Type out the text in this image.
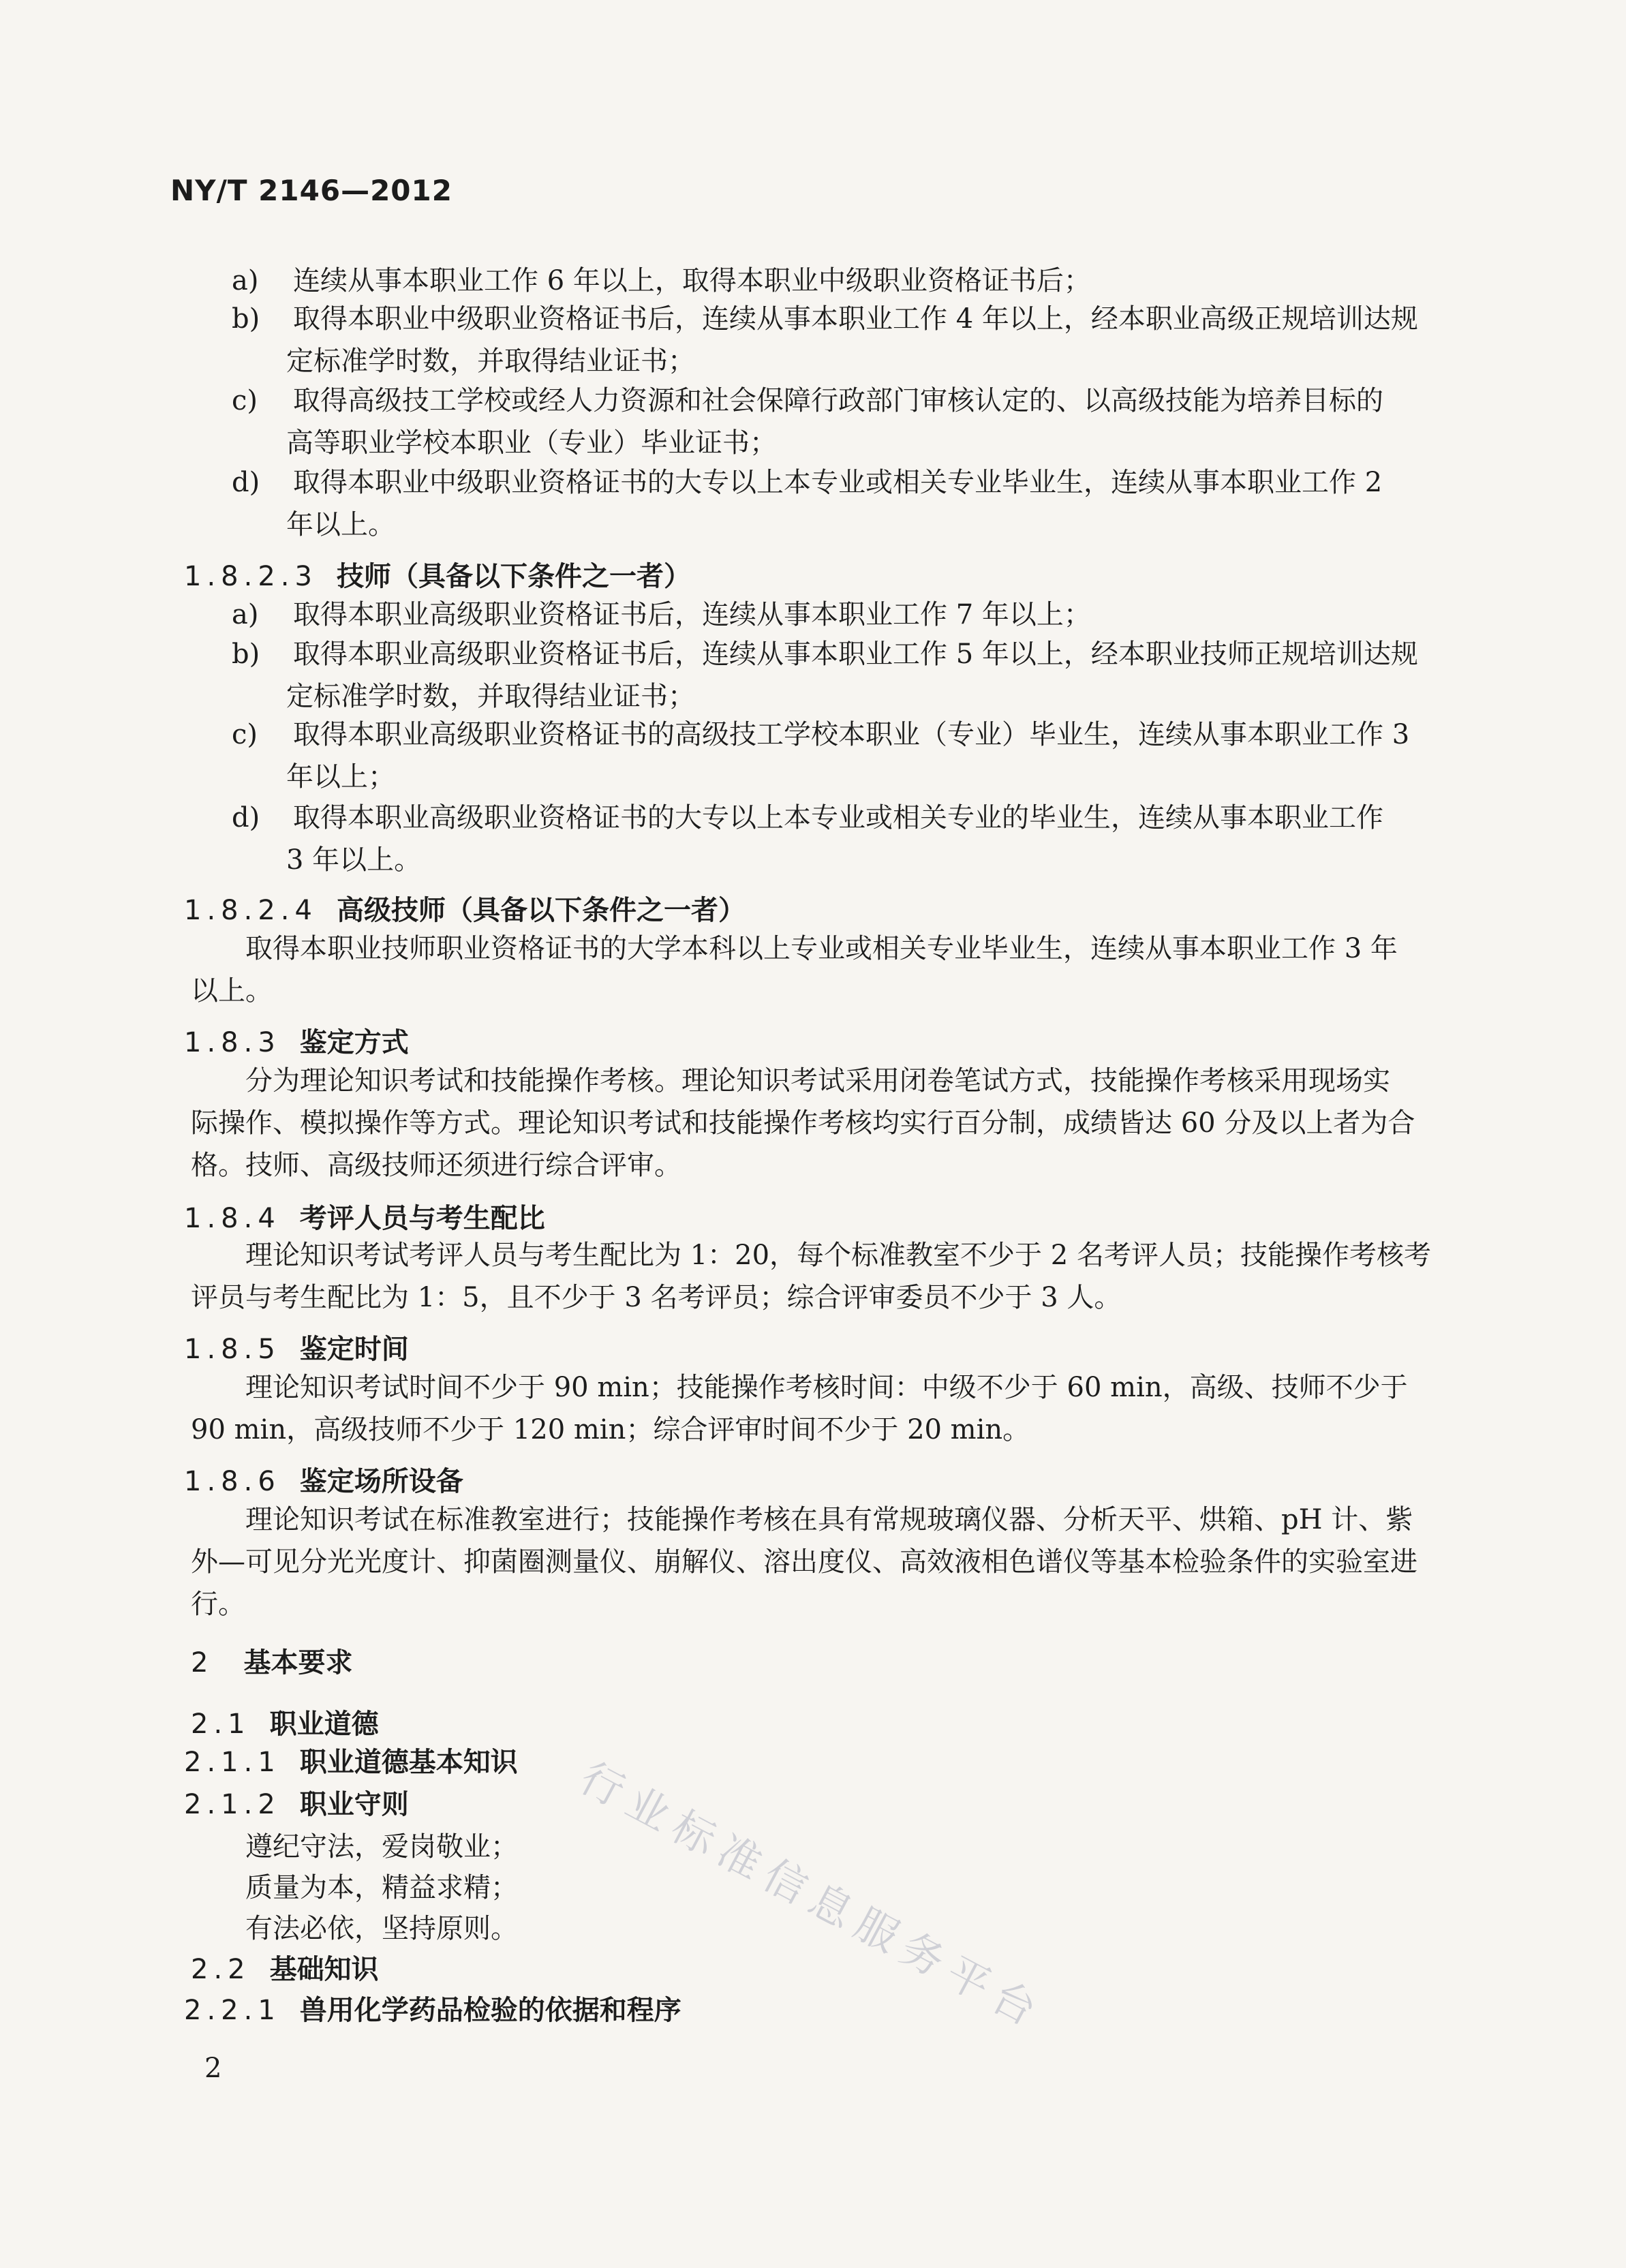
NY/T 2146—2012
a) 连续从事本职业工作 6 年以上，取得本职业中级职业资格证书后；
b) 取得本职业中级职业资格证书后，连续从事本职业工作 4 年以上，经本职业高级正规培训达规
定标准学时数，并取得结业证书；
c) 取得高级技工学校或经人力资源和社会保障行政部门审核认定的、以高级技能为培养目标的
高等职业学校本职业（专业）毕业证书；
d) 取得本职业中级职业资格证书的大专以上本专业或相关专业毕业生，连续从事本职业工作 2
年以上。
1.8.2.3 技师（具备以下条件之一者）
a) 取得本职业高级职业资格证书后，连续从事本职业工作 7 年以上；
b) 取得本职业高级职业资格证书后，连续从事本职业工作 5 年以上，经本职业技师正规培训达规
定标准学时数，并取得结业证书；
c) 取得本职业高级职业资格证书的高级技工学校本职业（专业）毕业生，连续从事本职业工作 3
年以上；
d) 取得本职业高级职业资格证书的大专以上本专业或相关专业的毕业生，连续从事本职业工作
3 年以上。
1.8.2.4 高级技师（具备以下条件之一者）
取得本职业技师职业资格证书的大学本科以上专业或相关专业毕业生，连续从事本职业工作 3 年
以上。
1.8.3 鉴定方式
分为理论知识考试和技能操作考核。理论知识考试采用闭卷笔试方式，技能操作考核采用现场实
际操作、模拟操作等方式。理论知识考试和技能操作考核均实行百分制，成绩皆达 60 分及以上者为合
格。技师、高级技师还须进行综合评审。
1.8.4 考评人员与考生配比
理论知识考试考评人员与考生配比为 1：20，每个标准教室不少于 2 名考评人员；技能操作考核考
评员与考生配比为 1：5，且不少于 3 名考评员；综合评审委员不少于 3 人。
1.8.5 鉴定时间
理论知识考试时间不少于 90 min；技能操作考核时间：中级不少于 60 min，高级、技师不少于
90 min，高级技师不少于 120 min；综合评审时间不少于 20 min。
1.8.6 鉴定场所设备
理论知识考试在标准教室进行；技能操作考核在具有常规玻璃仪器、分析天平、烘箱、pH 计、紫
外—可见分光光度计、抑菌圈测量仪、崩解仪、溶出度仪、高效液相色谱仪等基本检验条件的实验室进
行。
2 基本要求
2.1 职业道德
2.1.1 职业道德基本知识
2.1.2 职业守则
遵纪守法，爱岗敬业；
质量为本，精益求精；
有法必依，坚持原则。
2.2 基础知识
2.2.1 兽用化学药品检验的依据和程序
行业标准信息服务平台
2
